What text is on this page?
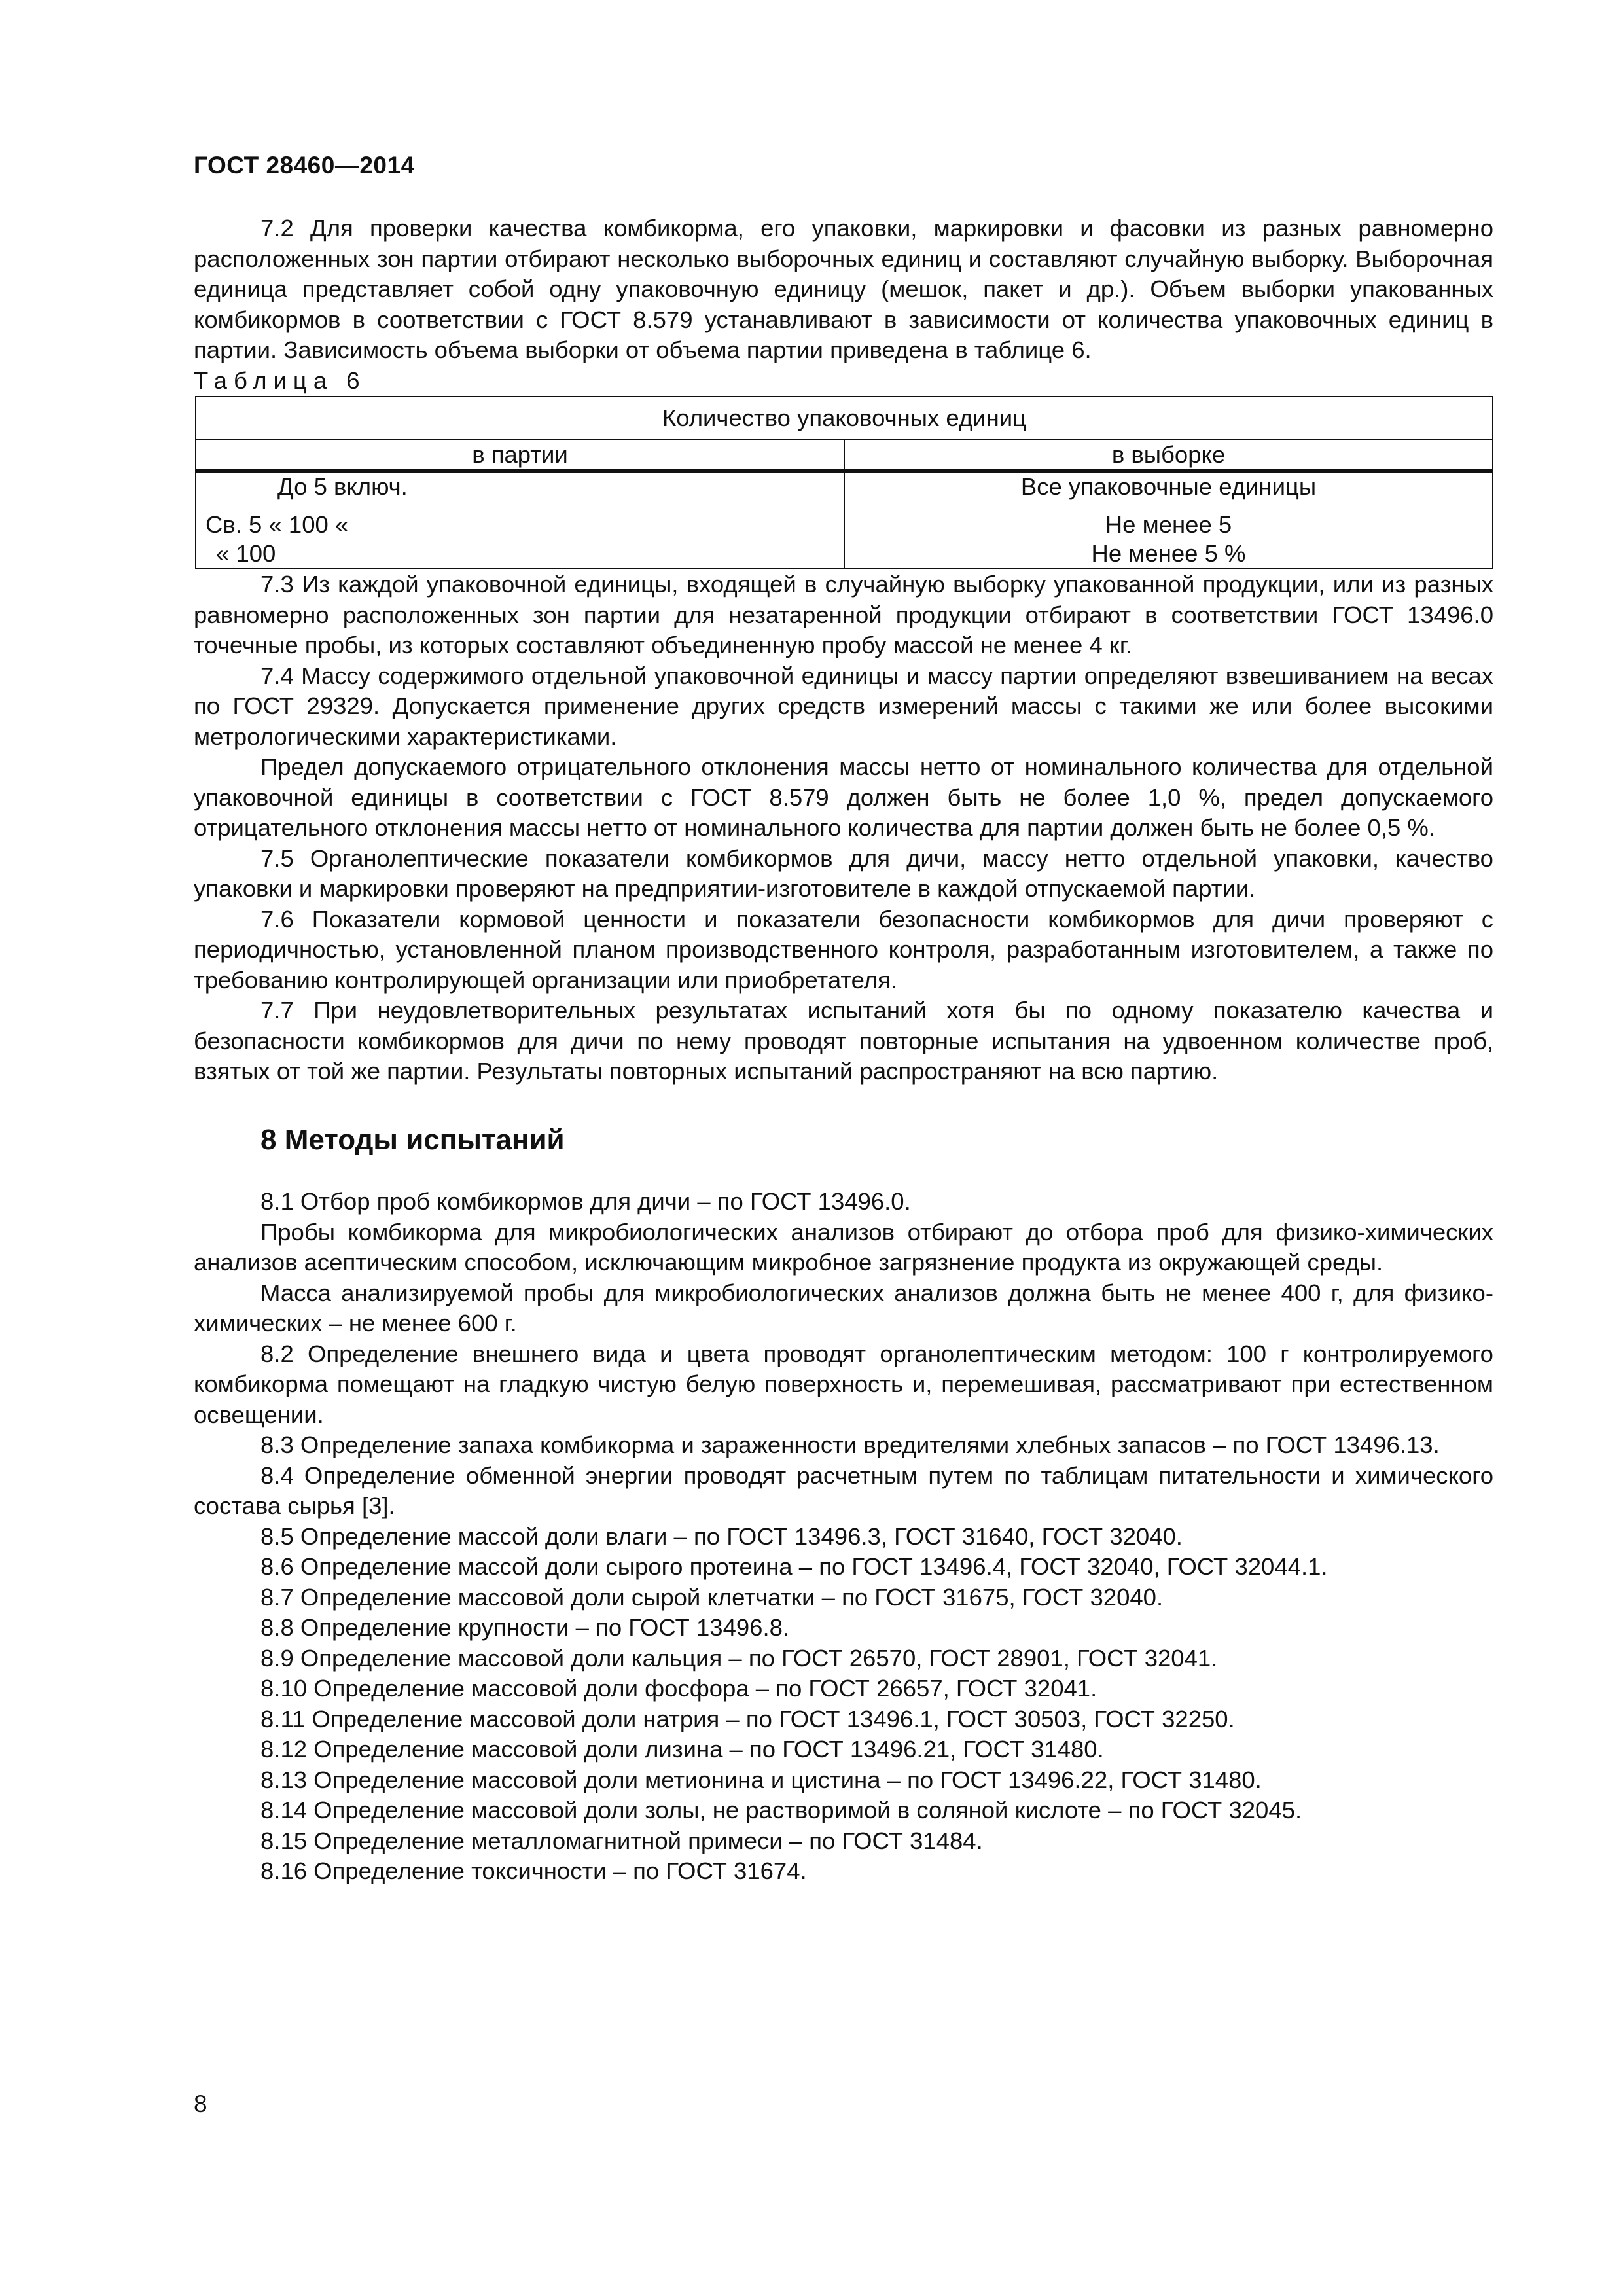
ГОСТ 28460—2014

7.2 Для проверки качества комбикорма, его упаковки, маркировки и фасовки из разных равномерно расположенных зон партии отбирают несколько выборочных единиц и составляют случайную выборку. Выборочная единица представляет собой одну упаковочную единицу (мешок, пакет и др.). Объем выборки упакованных комбикормов в соответствии с ГОСТ 8.579 устанавливают в зависимости от количества упаковочных единиц в партии. Зависимость объема выборки от объема партии приведена в таблице 6.

Таблица 6

Количество упаковочных единиц	
в партии	в выборке
До 5 включ.	Все упаковочные единицы
Св. 5 « 100 «	Не менее 5
« 100	Не менее 5 %

7.3 Из каждой упаковочной единицы, входящей в случайную выборку упакованной продукции, или из разных равномерно расположенных зон партии для незатаренной продукции отбирают в соответствии ГОСТ 13496.0 точечные пробы, из которых составляют объединенную пробу массой не менее 4 кг.

7.4 Массу содержимого отдельной упаковочной единицы и массу партии определяют взвешиванием на весах по ГОСТ 29329. Допускается применение других средств измерений массы с такими же или более высокими метрологическими характеристиками.

Предел допускаемого отрицательного отклонения массы нетто от номинального количества для отдельной упаковочной единицы в соответствии с ГОСТ 8.579 должен быть не более 1,0 %, предел допускаемого отрицательного отклонения массы нетто от номинального количества для партии должен быть не более 0,5 %.

7.5 Органолептические показатели комбикормов для дичи, массу нетто отдельной упаковки, качество упаковки и маркировки проверяют на предприятии-изготовителе в каждой отпускаемой партии.

7.6 Показатели кормовой ценности и показатели безопасности комбикормов для дичи проверяют с периодичностью, установленной планом производственного контроля, разработанным изготовителем, а также по требованию контролирующей организации или приобретателя.

7.7 При неудовлетворительных результатах испытаний хотя бы по одному показателю качества и безопасности комбикормов для дичи по нему проводят повторные испытания на удвоенном количестве проб, взятых от той же партии. Результаты повторных испытаний распространяют на всю партию.

8 Методы испытаний

8.1 Отбор проб комбикормов для дичи – по ГОСТ 13496.0.

Пробы комбикорма для микробиологических анализов отбирают до отбора проб для физико-химических анализов асептическим способом, исключающим микробное загрязнение продукта из окружающей среды.

Масса анализируемой пробы для микробиологических анализов должна быть не менее 400 г, для физико-химических – не менее 600 г.

8.2 Определение внешнего вида и цвета проводят органолептическим методом: 100 г контролируемого комбикорма помещают на гладкую чистую белую поверхность и, перемешивая, рассматривают при естественном освещении.

8.3 Определение запаха комбикорма и зараженности вредителями хлебных запасов – по ГОСТ 13496.13.

8.4 Определение обменной энергии проводят расчетным путем по таблицам питательности и химического состава сырья [3].

8.5 Определение массой доли влаги – по ГОСТ 13496.3, ГОСТ 31640, ГОСТ 32040.

8.6 Определение массой доли сырого протеина – по ГОСТ 13496.4, ГОСТ 32040, ГОСТ 32044.1.

8.7 Определение массовой доли сырой клетчатки – по ГОСТ 31675, ГОСТ 32040.

8.8 Определение крупности – по ГОСТ 13496.8.

8.9 Определение массовой доли кальция – по ГОСТ 26570, ГОСТ 28901, ГОСТ 32041.

8.10 Определение массовой доли фосфора – по ГОСТ 26657, ГОСТ 32041.

8.11 Определение массовой доли натрия – по ГОСТ 13496.1, ГОСТ 30503, ГОСТ 32250.

8.12 Определение массовой доли лизина – по ГОСТ 13496.21, ГОСТ 31480.

8.13 Определение массовой доли метионина и цистина – по ГОСТ 13496.22, ГОСТ 31480.

8.14 Определение массовой доли золы, не растворимой в соляной кислоте – по ГОСТ 32045.

8.15 Определение металломагнитной примеси – по ГОСТ 31484.

8.16 Определение токсичности – по ГОСТ 31674.

8
